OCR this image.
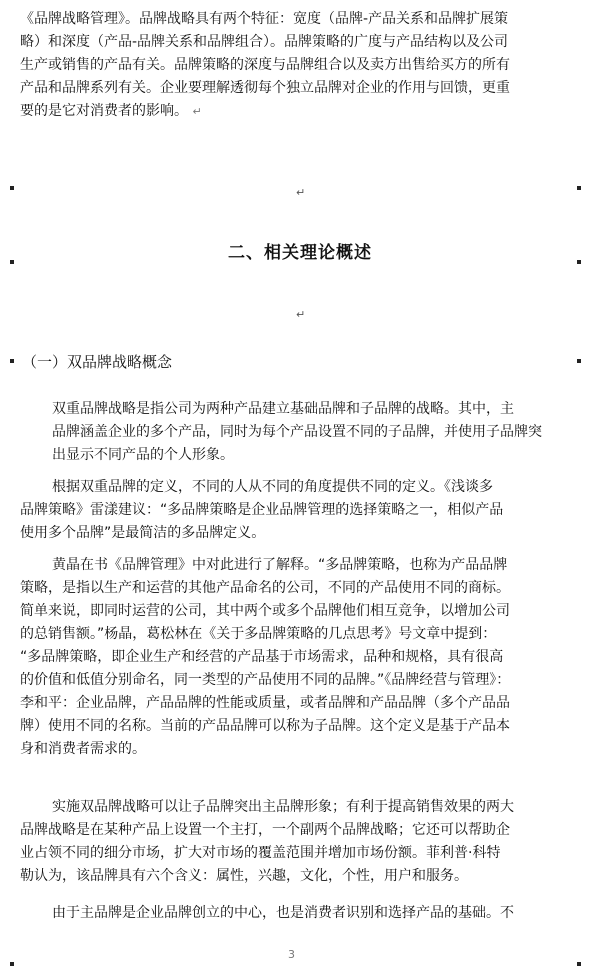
《品牌战略管理》。品牌战略具有两个特征：宽度（品牌-产品关系和品牌扩展策
略）和深度（产品-品牌关系和品牌组合）。品牌策略的广度与产品结构以及公司
生产或销售的产品有关。品牌策略的深度与品牌组合以及卖方出售给买方的所有
产品和品牌系列有关。企业要理解透彻每个独立品牌对企业的作用与回馈，更重
要的是它对消费者的影响。 ↵
↵
二、相关理论概述
↵
（一）双品牌战略概念
双重品牌战略是指公司为两种产品建立基础品牌和子品牌的战略。其中，主
品牌涵盖企业的多个产品，同时为每个产品设置不同的子品牌，并使用子品牌突
出显示不同产品的个人形象。
根据双重品牌的定义，不同的人从不同的角度提供不同的定义。《浅谈多
品牌策略》雷漾建议：“多品牌策略是企业品牌管理的选择策略之一，相似产品
使用多个品牌”是最简洁的多品牌定义。
黄晶在书《品牌管理》中对此进行了解释。“多品牌策略，也称为产品品牌
策略，是指以生产和运营的其他产品命名的公司，不同的产品使用不同的商标。
简单来说，即同时运营的公司，其中两个或多个品牌他们相互竞争，以增加公司
的总销售额。”杨晶，葛松林在《关于多品牌策略的几点思考》号文章中提到：
“多品牌策略，即企业生产和经营的产品基于市场需求，品种和规格，具有很高
的价值和低值分别命名，同一类型的产品使用不同的品牌。”《品牌经营与管理》：
李和平：企业品牌，产品品牌的性能或质量，或者品牌和产品品牌（多个产品品
牌）使用不同的名称。当前的产品品牌可以称为子品牌。这个定义是基于产品本
身和消费者需求的。
实施双品牌战略可以让子品牌突出主品牌形象；有利于提高销售效果的两大
品牌战略是在某种产品上设置一个主打，一个副两个品牌战略；它还可以帮助企
业占领不同的细分市场，扩大对市场的覆盖范围并增加市场份额。菲利普·科特
勒认为，该品牌具有六个含义：属性，兴趣，文化，个性，用户和服务。
由于主品牌是企业品牌创立的中心，也是消费者识别和选择产品的基础。不
3
